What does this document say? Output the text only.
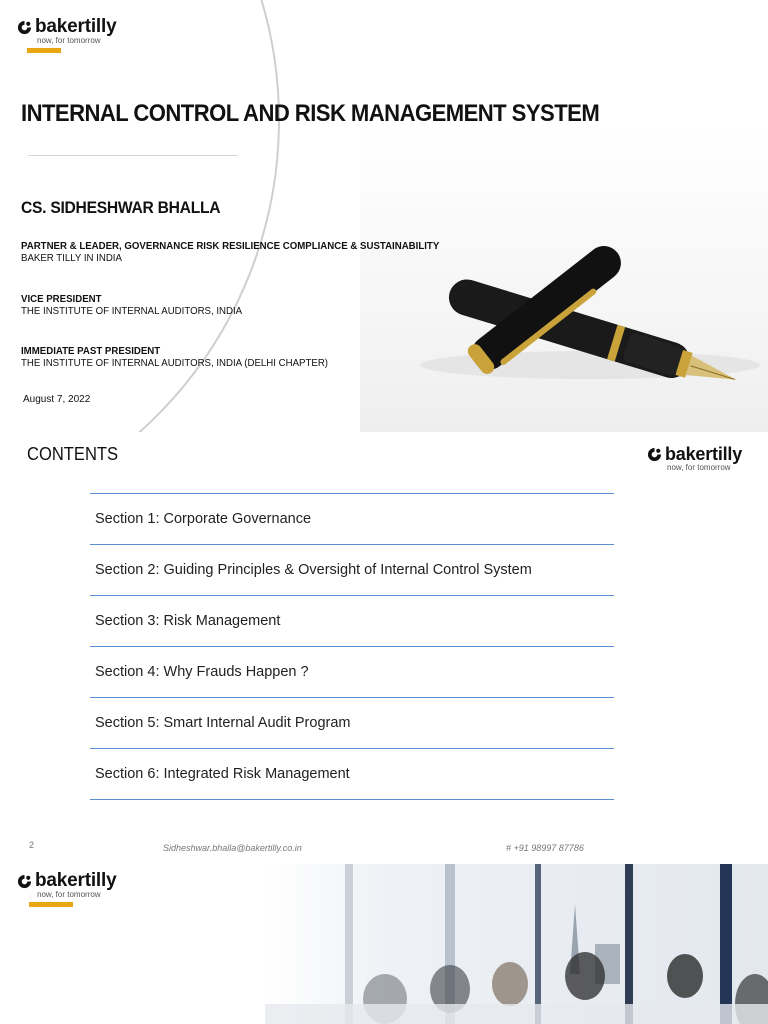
bakertilly
now, for tomorrow
INTERNAL CONTROL AND RISK MANAGEMENT SYSTEM
CS. SIDHESHWAR BHALLA
PARTNER & LEADER, GOVERNANCE RISK RESILIENCE COMPLIANCE & SUSTAINABILITY
BAKER TILLY IN INDIA
VICE PRESIDENT
THE INSTITUTE OF INTERNAL AUDITORS, INDIA
IMMEDIATE PAST PRESIDENT
THE INSTITUTE OF INTERNAL AUDITORS, INDIA (DELHI CHAPTER)
August 7, 2022
CONTENTS	bakertilly
now, for tomorrow
Section 1: Corporate Governance
Section 2: Guiding Principles & Oversight of Internal Control System
Section 3: Risk Management
Section 4: Why Frauds Happen ?
Section 5: Smart Internal Audit Program
Section 6: Integrated Risk Management
2	Sidheshwar.bhalla@bakertilly.co.in	# +91 98997 87786
bakertilly
now, for tomorrow
